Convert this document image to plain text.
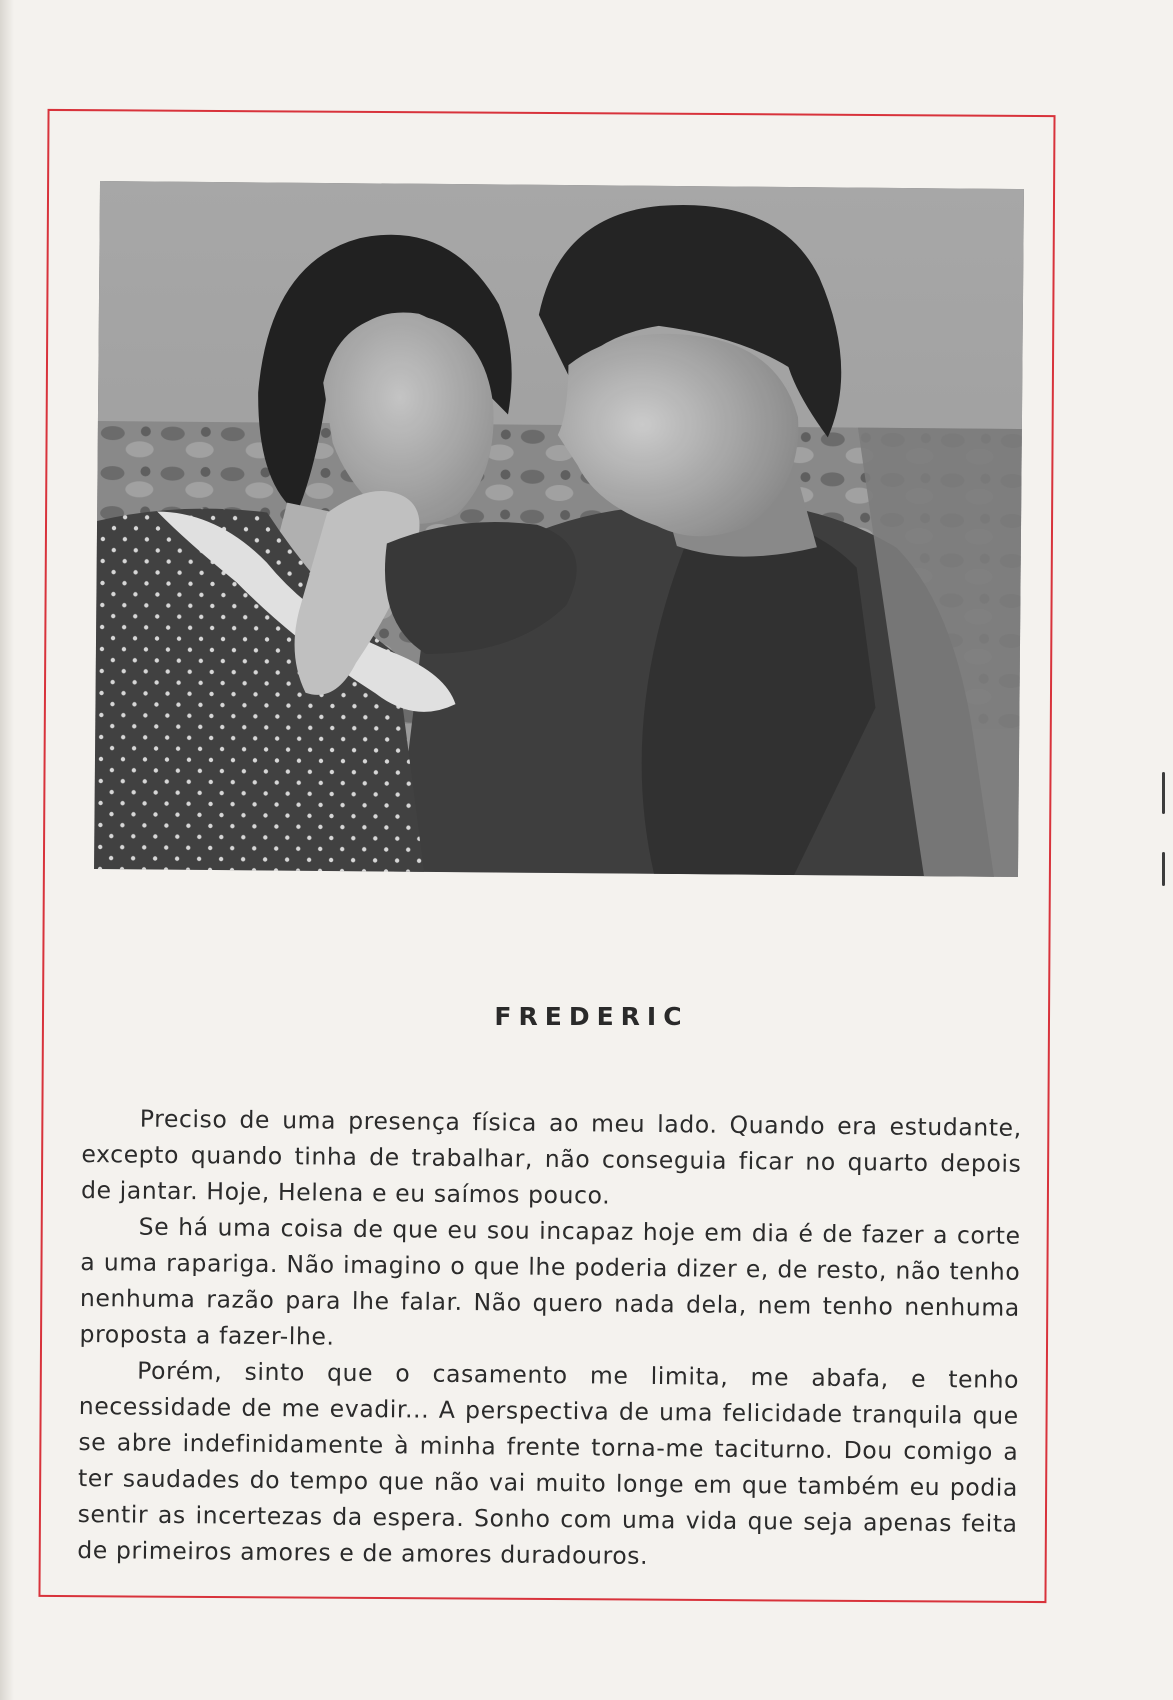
FREDERIC

Preciso de uma presença física ao meu lado. Quando era estudante, excepto quando tinha de trabalhar, não conseguia ficar no quarto depois de jantar. Hoje, Helena e eu saímos pouco.

Se há uma coisa de que eu sou incapaz hoje em dia é de fazer a corte a uma rapariga. Não imagino o que lhe poderia dizer e, de resto, não tenho nenhuma razão para lhe falar. Não quero nada dela, nem tenho nenhuma proposta a fazer-lhe.

Porém, sinto que o casamento me limita, me abafa, e tenho necessidade de me evadir... A perspectiva de uma felicidade tranquila que se abre indefinidamente à minha frente torna-me taciturno. Dou comigo a ter saudades do tempo que não vai muito longe em que também eu podia sentir as incertezas da espera. Sonho com uma vida que seja apenas feita de primeiros amores e de amores duradouros.
